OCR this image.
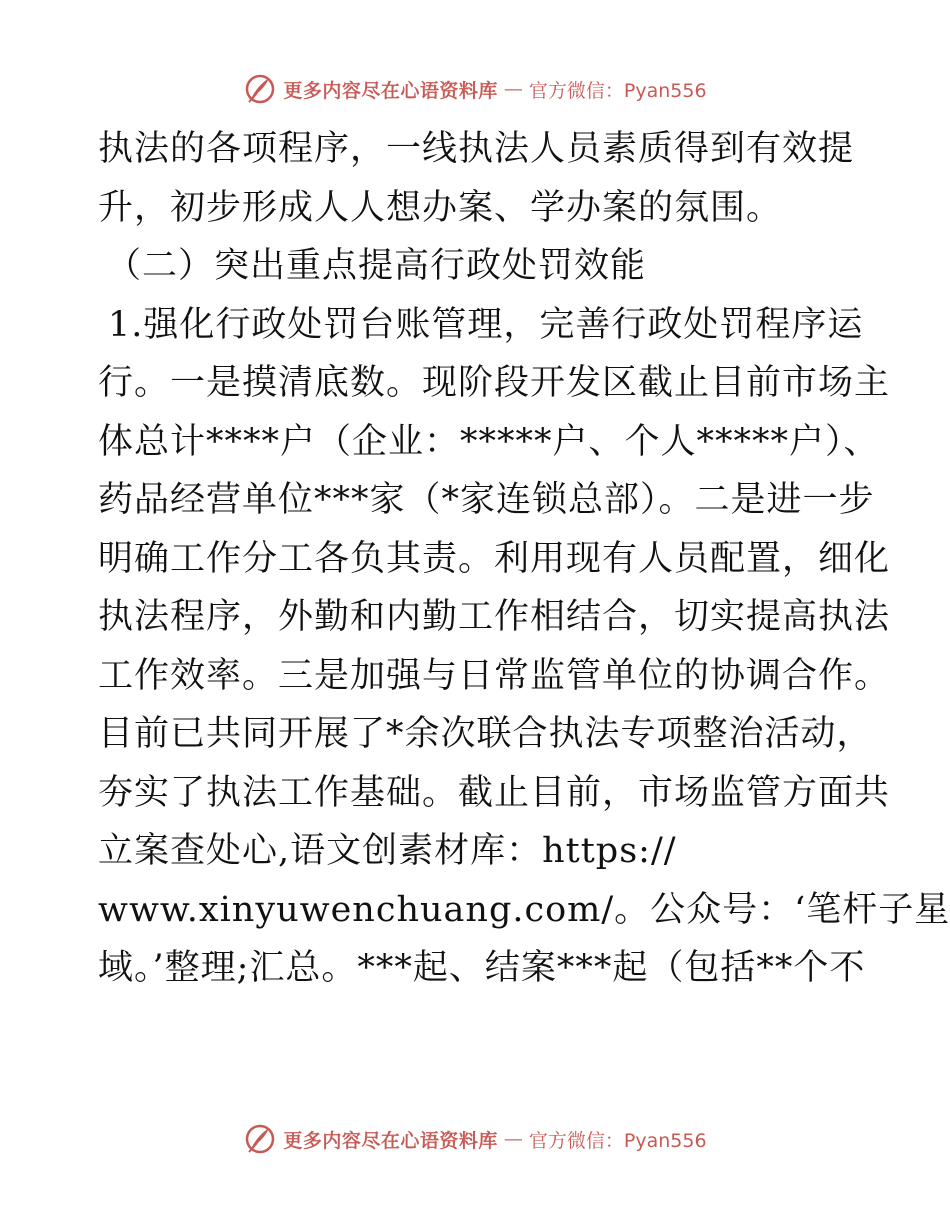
更多内容尽在心语资料库 — 官方微信：Pyan556
执法的各项程序，一线执法人员素质得到有效提
升，初步形成人人想办案、学办案的氛围。
（二）突出重点提高行政处罚效能
1.强化行政处罚台账管理，完善行政处罚程序运
行。一是摸清底数。现阶段开发区截止目前市场主
体总计****户（企业：*****户、个人*****户）、
药品经营单位***家（*家连锁总部）。二是进一步
明确工作分工各负其责。利用现有人员配置，细化
执法程序，外勤和内勤工作相结合，切实提高执法
工作效率。三是加强与日常监管单位的协调合作。
目前已共同开展了*余次联合执法专项整治活动，
夯实了执法工作基础。截止目前，市场监管方面共
立案查处心,语文创素材库：https://
www.xinyuwenchuang.com/。公众号：‘笔杆子星
域。’整理;汇总。***起、结案***起（包括**个不
更多内容尽在心语资料库 — 官方微信：Pyan556
